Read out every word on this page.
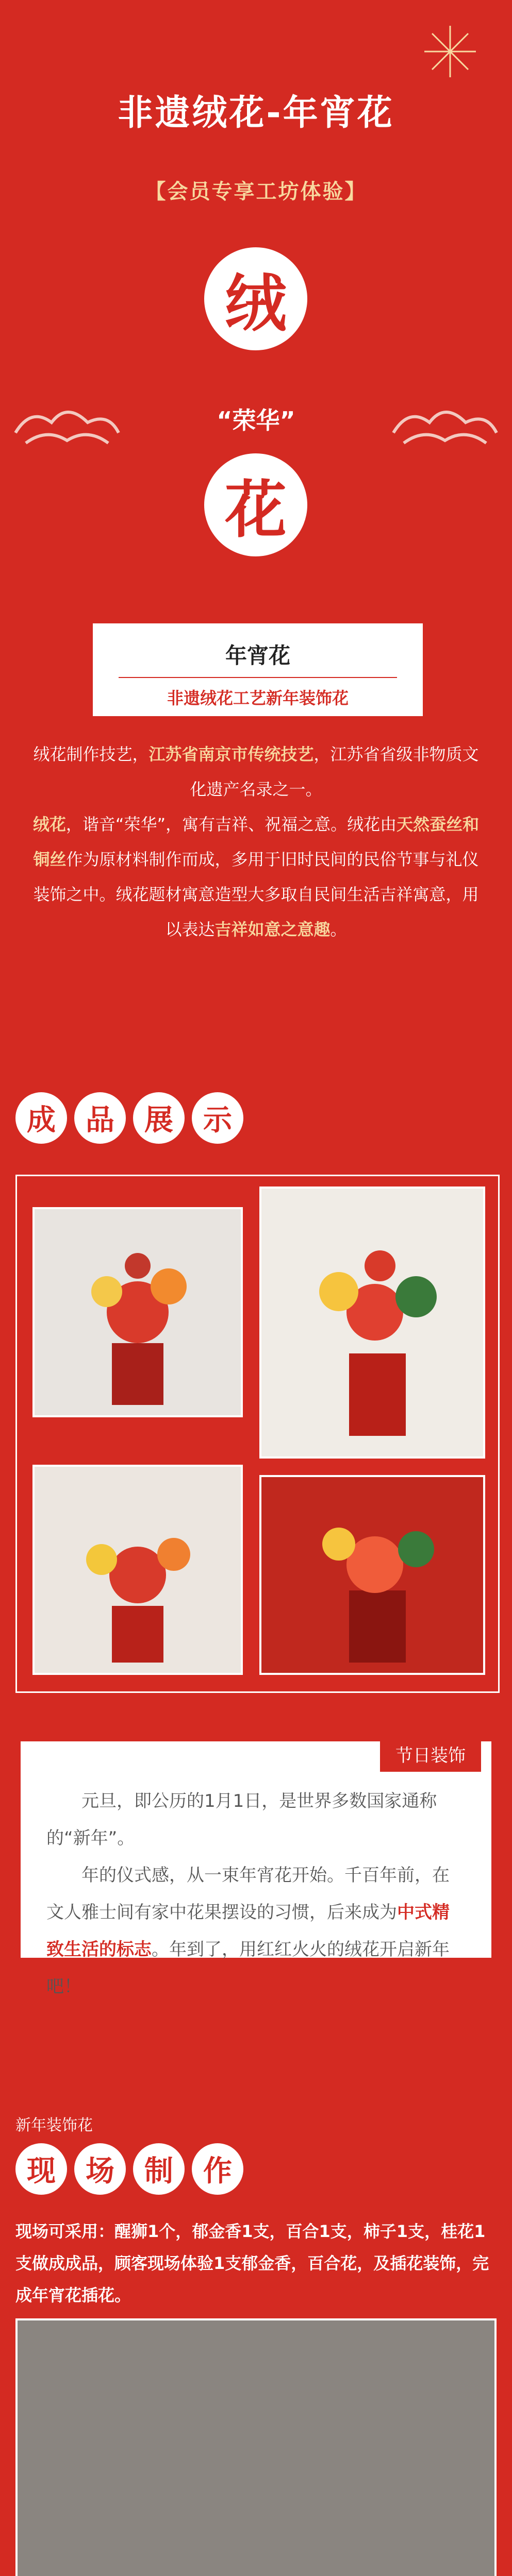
非遗绒花-年宵花
【会员专享工坊体验】
绒
“荣华”
花
年宵花
非遗绒花工艺新年装饰花
绒花制作技艺，江苏省南京市传统技艺，江苏省省级非物质文化遗产名录之一。
绒花，谐音“荣华”，寓有吉祥、祝福之意。绒花由天然蚕丝和铜丝作为原材料制作而成，多用于旧时民间的民俗节事与礼仪装饰之中。绒花题材寓意造型大多取自民间生活吉祥寓意，用以表达吉祥如意之意趣。
成	品	展	示
节日装饰
元旦，即公历的1月1日，是世界多数国家通称的“新年”。
年的仪式感，从一束年宵花开始。千百年前，在文人雅士间有家中花果摆设的习惯，后来成为中式精致生活的标志。年到了，用红红火火的绒花开启新年吧！
新年装饰花
现	场	制	作
现场可采用：醒狮1个，郁金香1支，百合1支，柿子1支，桂花1支做成成品，顾客现场体验1支郁金香，百合花，及插花装饰，完成年宵花插花。
